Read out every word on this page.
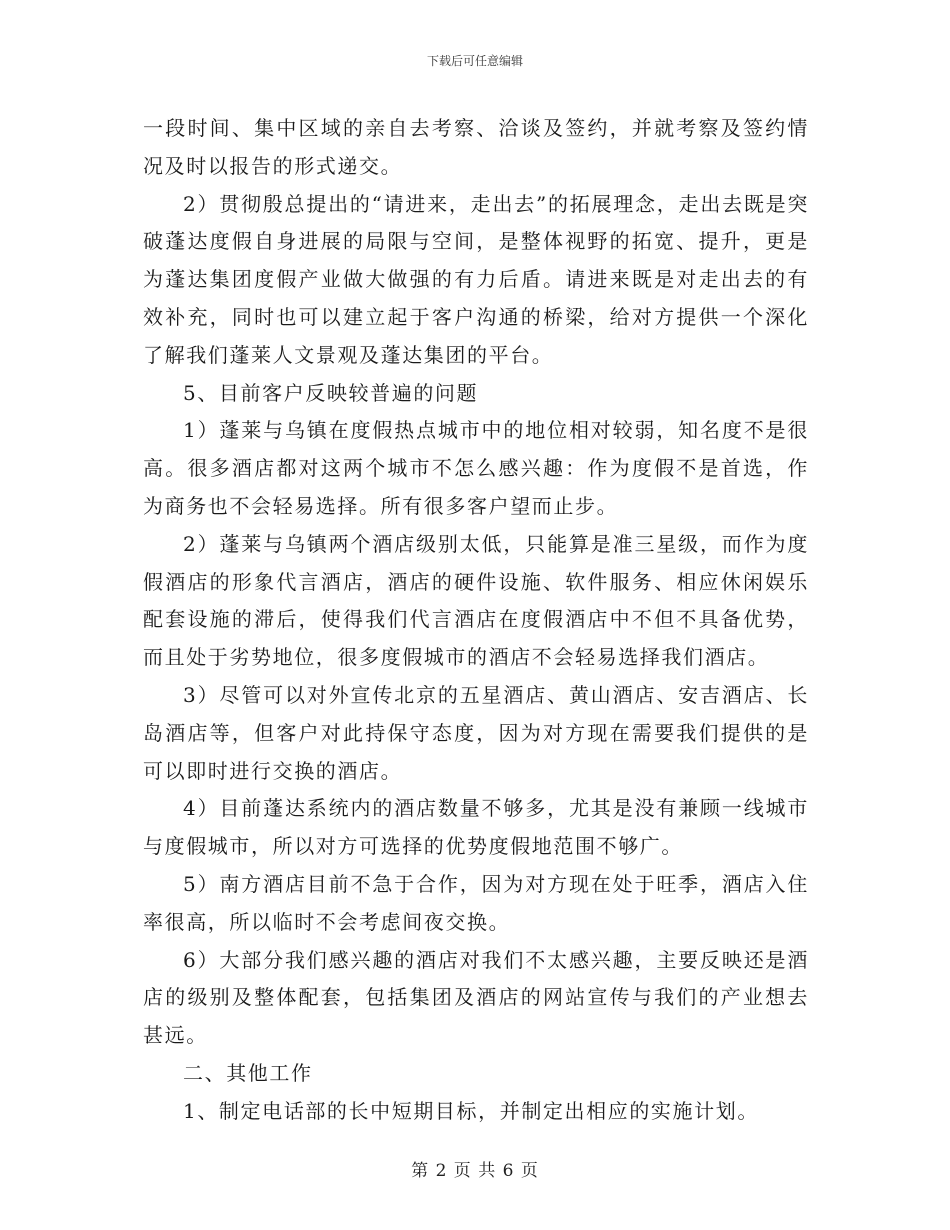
下载后可任意编辑

一段时间、集中区域的亲自去考察、洽谈及签约，并就考察及签约情况及时以报告的形式递交。

2）贯彻殷总提出的“请进来，走出去”的拓展理念，走出去既是突破蓬达度假自身进展的局限与空间，是整体视野的拓宽、提升，更是为蓬达集团度假产业做大做强的有力后盾。请进来既是对走出去的有效补充，同时也可以建立起于客户沟通的桥梁，给对方提供一个深化了解我们蓬莱人文景观及蓬达集团的平台。

5、目前客户反映较普遍的问题

1）蓬莱与乌镇在度假热点城市中的地位相对较弱，知名度不是很高。很多酒店都对这两个城市不怎么感兴趣：作为度假不是首选，作为商务也不会轻易选择。所有很多客户望而止步。

2）蓬莱与乌镇两个酒店级别太低，只能算是准三星级，而作为度假酒店的形象代言酒店，酒店的硬件设施、软件服务、相应休闲娱乐配套设施的滞后，使得我们代言酒店在度假酒店中不但不具备优势，而且处于劣势地位，很多度假城市的酒店不会轻易选择我们酒店。

3）尽管可以对外宣传北京的五星酒店、黄山酒店、安吉酒店、长岛酒店等，但客户对此持保守态度，因为对方现在需要我们提供的是可以即时进行交换的酒店。

4）目前蓬达系统内的酒店数量不够多，尤其是没有兼顾一线城市与度假城市，所以对方可选择的优势度假地范围不够广。

5）南方酒店目前不急于合作，因为对方现在处于旺季，酒店入住率很高，所以临时不会考虑间夜交换。

6）大部分我们感兴趣的酒店对我们不太感兴趣，主要反映还是酒店的级别及整体配套，包括集团及酒店的网站宣传与我们的产业想去甚远。

二、其他工作

1、制定电话部的长中短期目标，并制定出相应的实施计划。

第 2 页 共 6 页
